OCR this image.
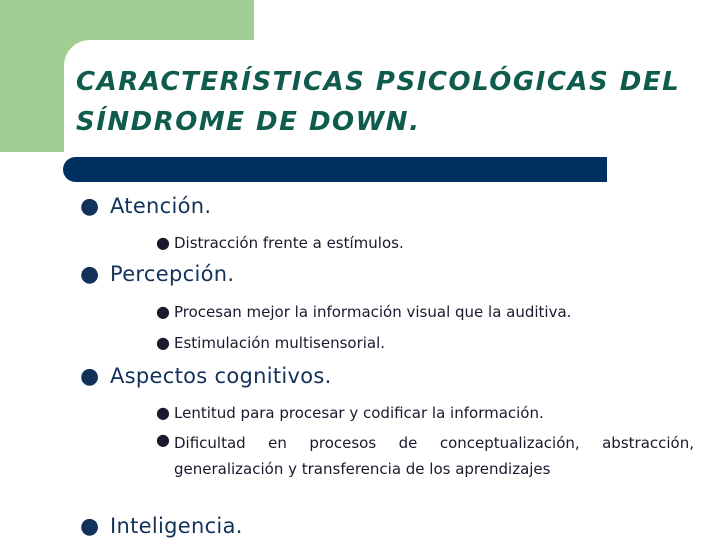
CARACTERÍSTICAS PSICOLÓGICAS DEL SÍNDROME DE DOWN.
● Atención.
● Distracción frente a estímulos.
● Percepción.
● Procesan mejor la información visual que la auditiva.
● Estimulación multisensorial.
● Aspectos cognitivos.
● Lentitud para procesar y codificar la información.
● Dificultad en procesos de conceptualización, abstracción, generalización y transferencia de los aprendizajes
● Inteligencia.
